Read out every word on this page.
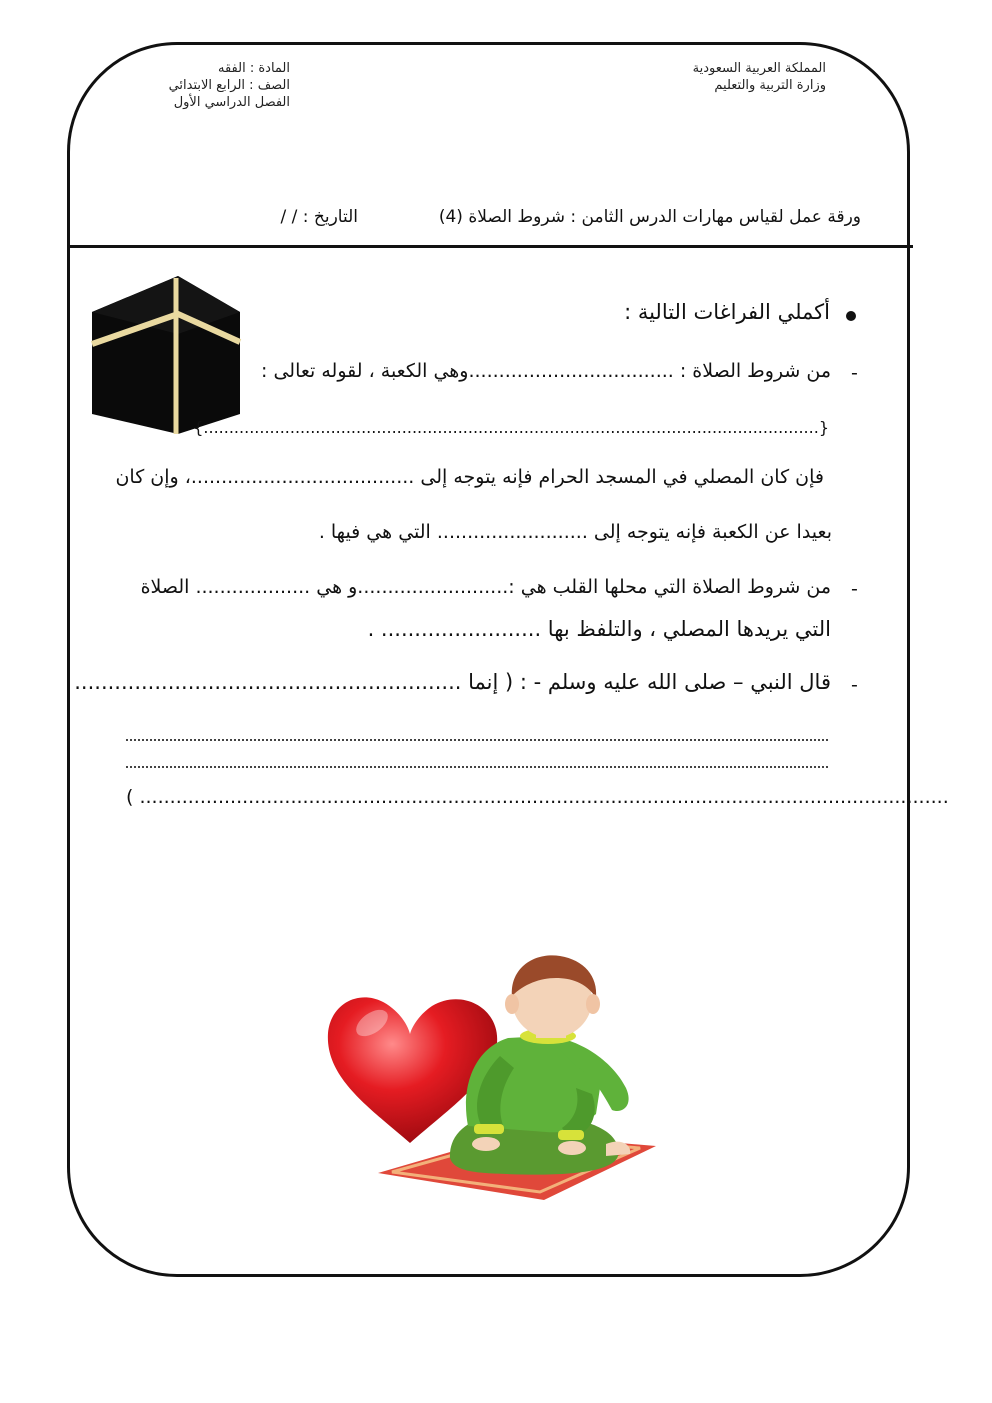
المملكة العربية السعودية
وزارة التربية والتعليم
المادة : الفقه
الصف : الرابع الابتدائي
الفصل الدراسي الأول
ورقة عمل لقياس مهارات الدرس الثامن : شروط الصلاة (4)
التاريخ : / /
أكملي الفراغات التالية :
-
من شروط الصلاة : ..................................وهي الكعبة ، لقوله تعالى :
{.........................................................................................................................}
فإن كان المصلي في المسجد الحرام فإنه يتوجه إلى .....................................، وإن كان
بعيدا عن الكعبة فإنه يتوجه إلى ......................... التي هي فيها .
-
من شروط الصلاة التي محلها القلب هي :.........................و هي ................... الصلاة
التي يريدها المصلي ، والتلفظ بها ........................ .
-
قال النبي – صلى الله عليه وسلم - : ( إنما ..........................................................
( ......................................................................................................................................
